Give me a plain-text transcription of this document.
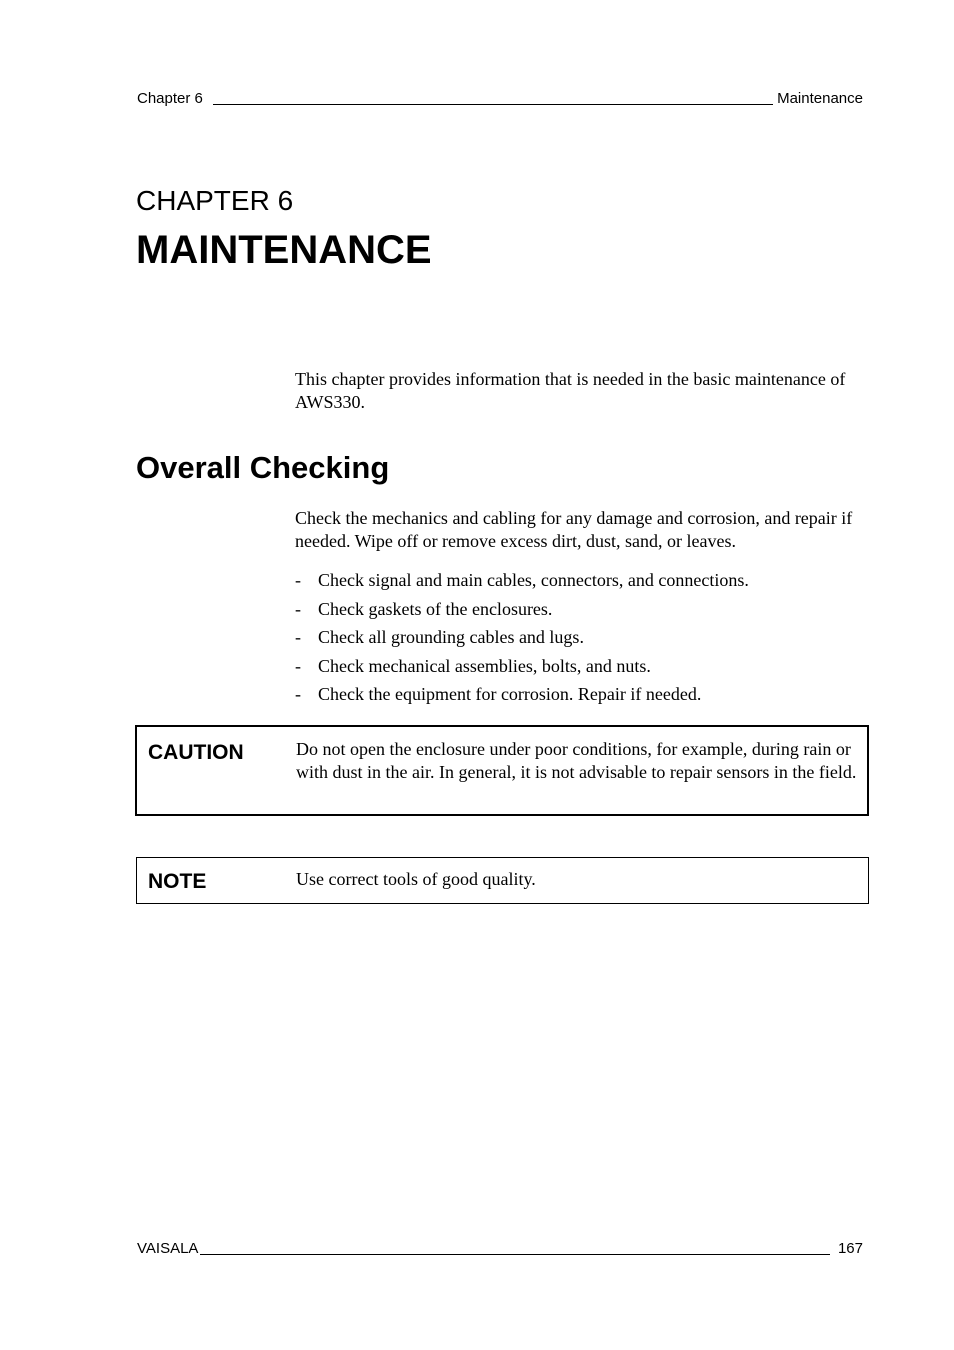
Chapter 6	Maintenance
CHAPTER 6
MAINTENANCE
This chapter provides information that is needed in the basic maintenance of AWS330.
Overall Checking
Check the mechanics and cabling for any damage and corrosion, and repair if needed. Wipe off or remove excess dirt, dust, sand, or leaves.
- Check signal and main cables, connectors, and connections.
- Check gaskets of the enclosures.
- Check all grounding cables and lugs.
- Check mechanical assemblies, bolts, and nuts.
- Check the equipment for corrosion. Repair if needed.
CAUTION	Do not open the enclosure under poor conditions, for example, during rain or with dust in the air. In general, it is not advisable to repair sensors in the field.
NOTE	Use correct tools of good quality.
VAISALA	167
